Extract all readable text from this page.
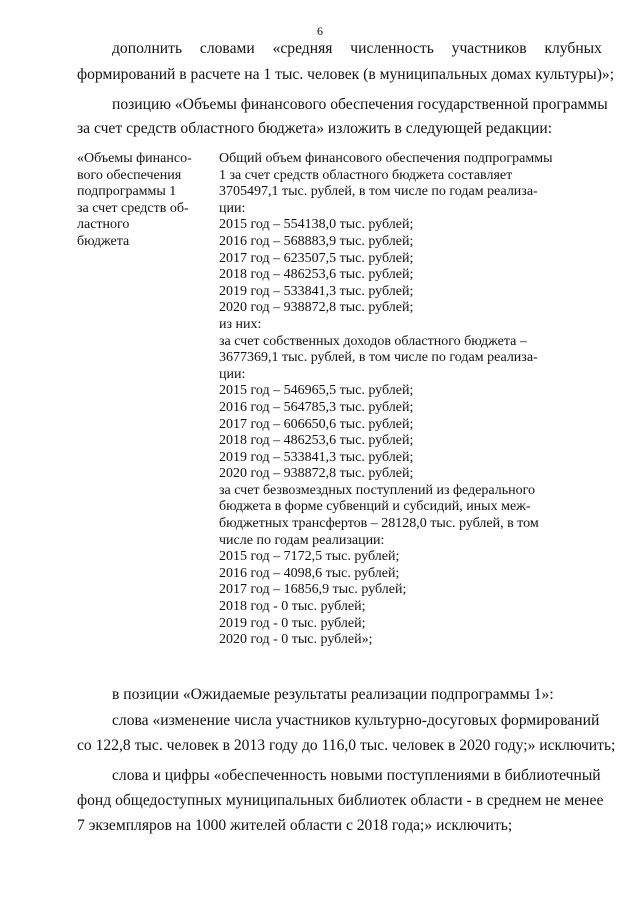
6
дополнить словами «средняя численность участников клубных
формирований в расчете на 1 тыс. человек (в муниципальных домах культуры)»;
позицию «Объемы финансового обеспечения государственной программы
за счет средств областного бюджета» изложить в следующей редакции:
«Объемы финансо-
вого обеспечения
подпрограммы 1
за счет средств об-
ластного
бюджета
Общий объем финансового обеспечения подпрограммы
1 за счет средств областного бюджета составляет
3705497,1 тыс. рублей, в том числе по годам реализа-
ции:
2015 год – 554138,0 тыс. рублей;
2016 год – 568883,9 тыс. рублей;
2017 год – 623507,5 тыс. рублей;
2018 год – 486253,6 тыс. рублей;
2019 год – 533841,3 тыс. рублей;
2020 год – 938872,8 тыс. рублей;
из них:
за счет собственных доходов областного бюджета –
3677369,1 тыс. рублей, в том числе по годам реализа-
ции:
2015 год – 546965,5 тыс. рублей;
2016 год – 564785,3 тыс. рублей;
2017 год – 606650,6 тыс. рублей;
2018 год – 486253,6 тыс. рублей;
2019 год – 533841,3 тыс. рублей;
2020 год – 938872,8 тыс. рублей;
за счет безвозмездных поступлений из федерального
бюджета в форме субвенций и субсидий, иных меж-
бюджетных трансфертов – 28128,0 тыс. рублей, в том
числе по годам реализации:
2015 год – 7172,5 тыс. рублей;
2016 год – 4098,6 тыс. рублей;
2017 год – 16856,9 тыс. рублей;
2018 год - 0 тыс. рублей;
2019 год - 0 тыс. рублей;
2020 год - 0 тыс. рублей»;
в позиции «Ожидаемые результаты реализации подпрограммы 1»:
слова «изменение числа участников культурно-досуговых формирований
со 122,8 тыс. человек в 2013 году до 116,0 тыс. человек в 2020 году;» исключить;
слова и цифры «обеспеченность новыми поступлениями в библиотечный
фонд общедоступных муниципальных библиотек области - в среднем не менее
7 экземпляров на 1000 жителей области с 2018 года;» исключить;
